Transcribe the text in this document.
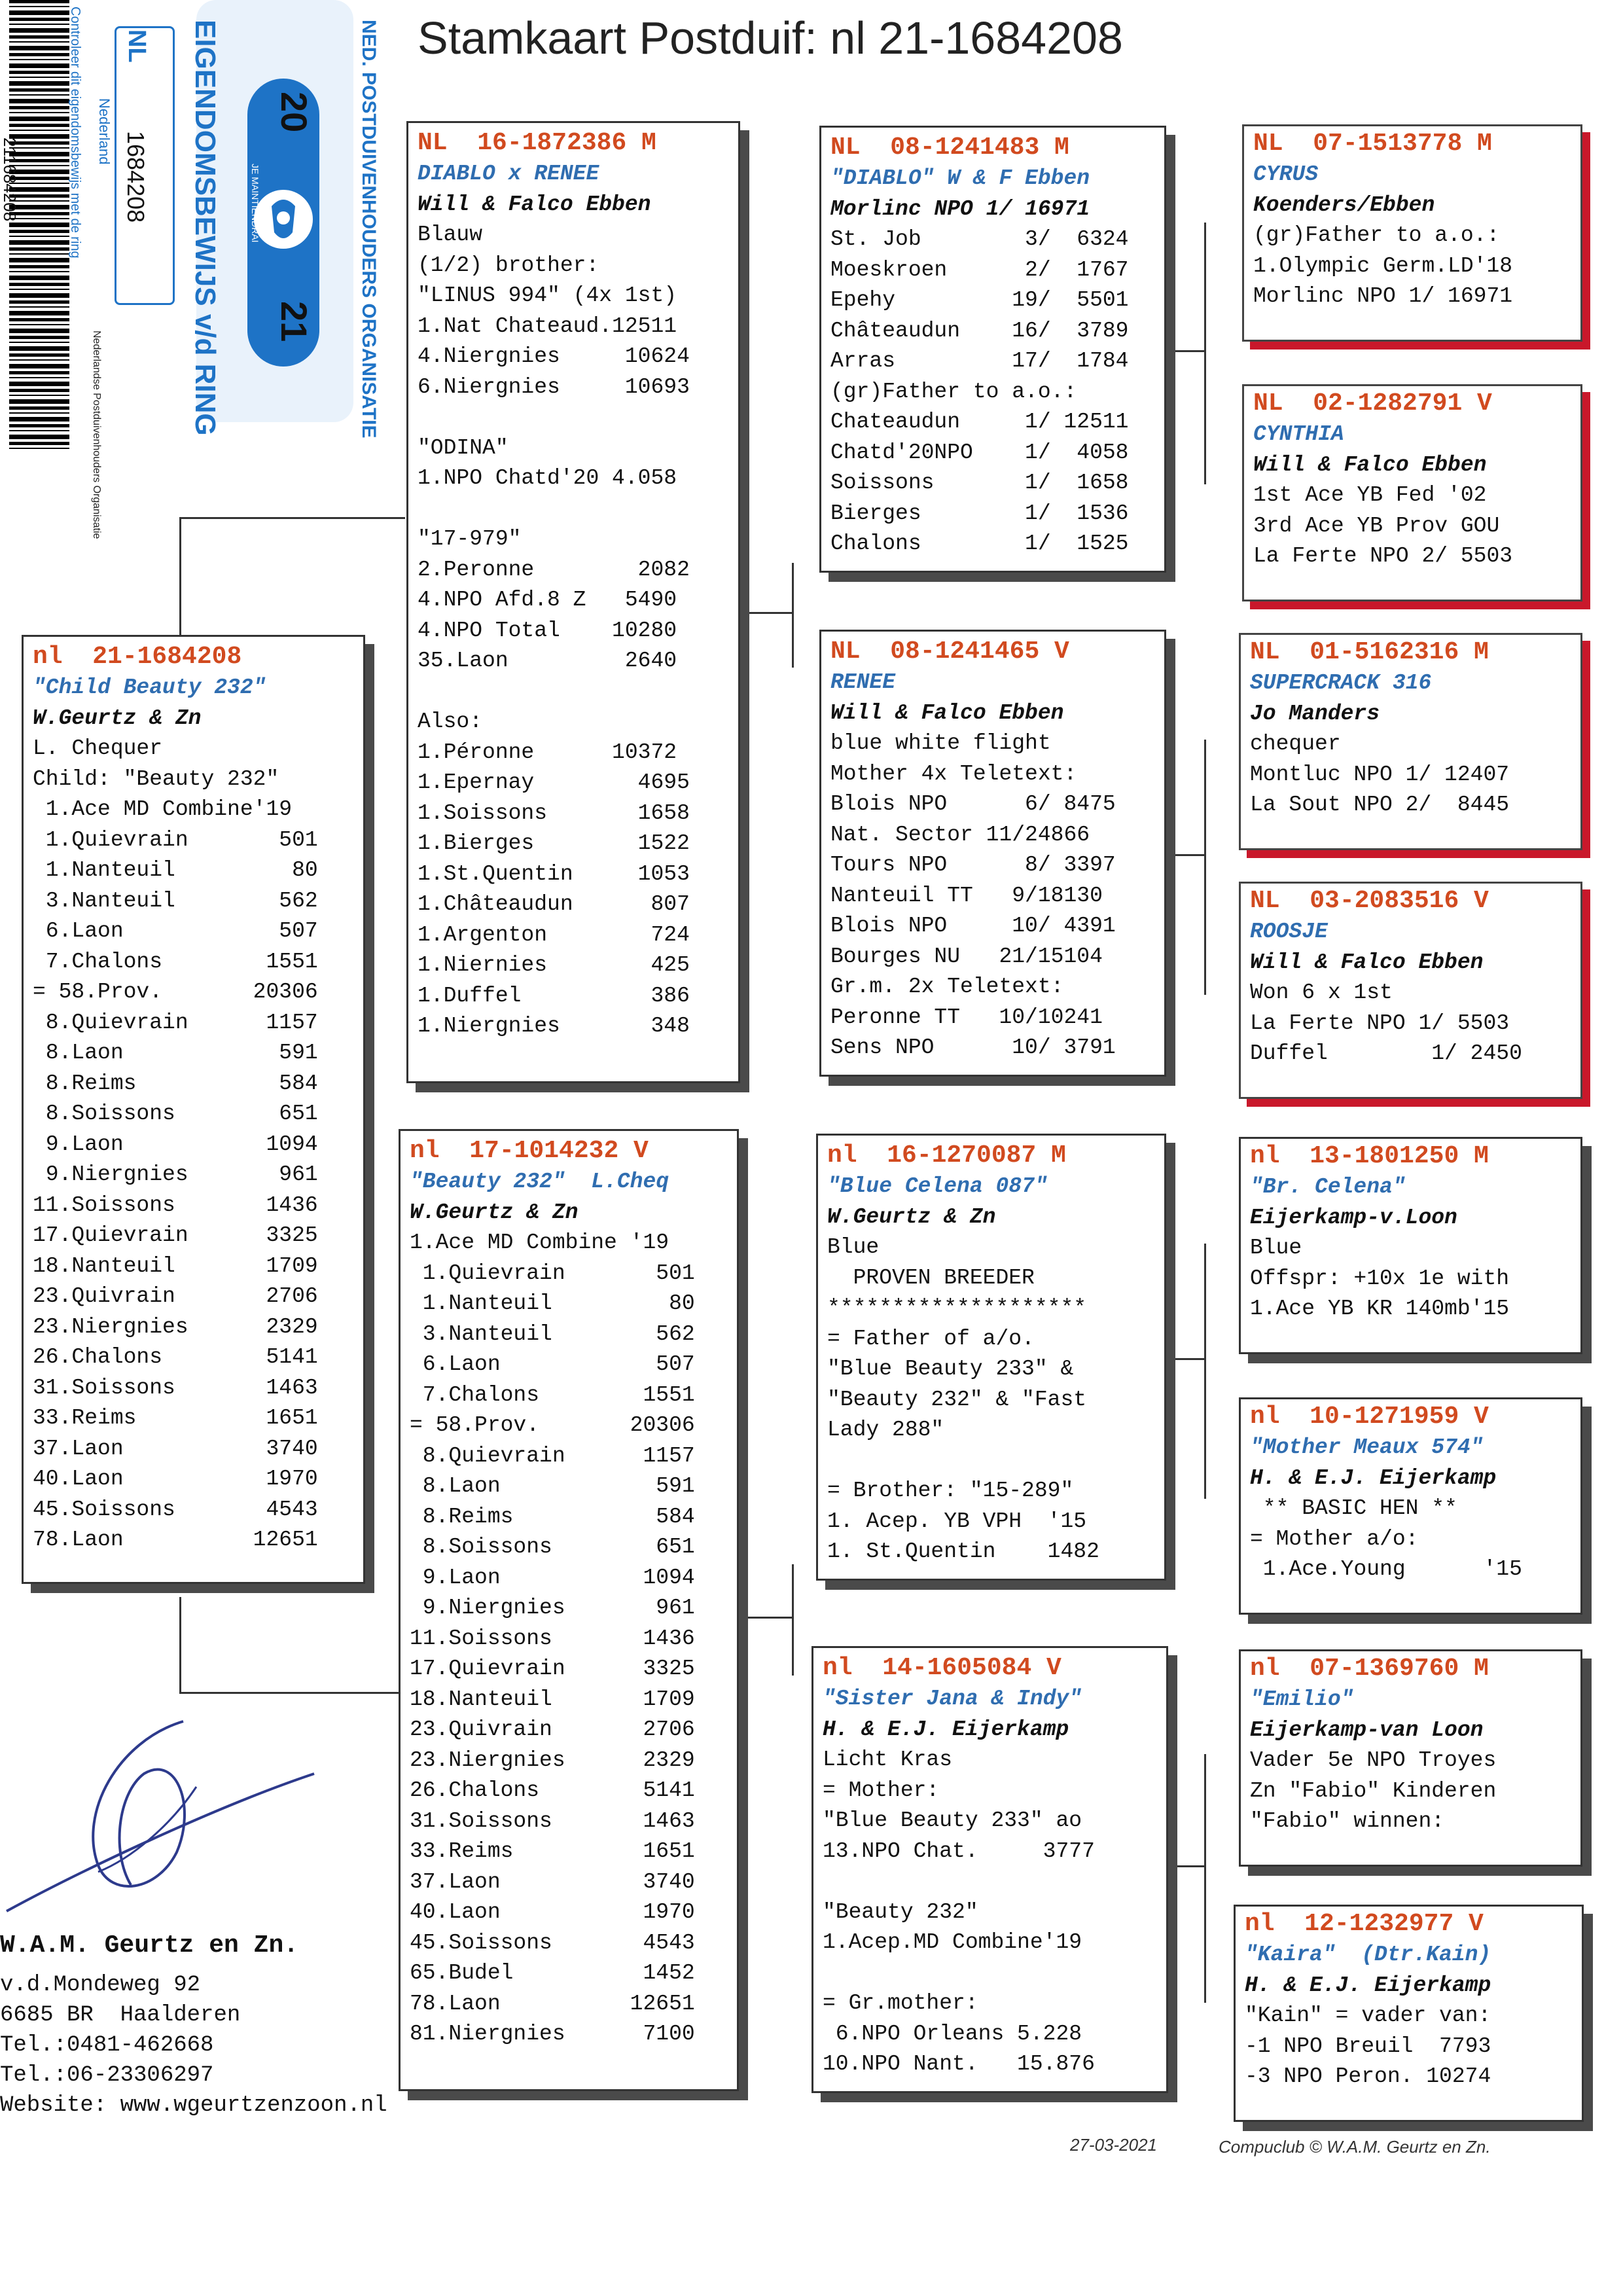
Stamkaart Postduif: nl 21-1684208
211684208
20
21 NED. POSTDUIVENHOUDERS ORGANISATIE
EIGENDOMSBEWIJS v/d RING
NL
1684208
Nederland
Controleer dit eigendomsbewijs met de ring	JE MAINTIENDRAI
Nederlandse Postduivenhouders Organisatie
nl  21-1684208
"Child Beauty 232"
W.Geurtz & Zn
L. Chequer
Child: "Beauty 232"
1.Ace MD Combine'19
1.Quievrain       501
1.Nanteuil         80
3.Nanteuil        562
6.Laon            507
7.Chalons        1551
= 58.Prov.       20306
8.Quievrain      1157
8.Laon            591
8.Reims           584
8.Soissons        651
9.Laon           1094
9.Niergnies       961
11.Soissons       1436
17.Quievrain      3325
18.Nanteuil       1709
23.Quivrain       2706
23.Niergnies      2329
26.Chalons        5141
31.Soissons       1463
33.Reims          1651
37.Laon           3740
40.Laon           1970
45.Soissons       4543
78.Laon          12651
NL  16-1872386 M
DIABLO x RENEE
Will & Falco Ebben
Blauw
(1/2) brother:
"LINUS 994" (4x 1st)
1.Nat Chateaud.12511
4.Niergnies     10624
6.Niergnies     10693

"ODINA"
1.NPO Chatd'20 4.058

"17-979"
2.Peronne        2082
4.NPO Afd.8 Z   5490
4.NPO Total    10280
35.Laon         2640

Also:
1.Péronne      10372
1.Epernay        4695
1.Soissons       1658
1.Bierges        1522
1.St.Quentin     1053
1.Châteaudun      807
1.Argenton        724
1.Niernies        425
1.Duffel          386
1.Niergnies       348
nl  17-1014232 V
"Beauty 232"  L.Cheq
W.Geurtz & Zn
1.Ace MD Combine '19
1.Quievrain       501
1.Nanteuil         80
3.Nanteuil        562
6.Laon            507
7.Chalons        1551
= 58.Prov.       20306
8.Quievrain      1157
8.Laon            591
8.Reims           584
8.Soissons        651
9.Laon           1094
9.Niergnies       961
11.Soissons       1436
17.Quievrain      3325
18.Nanteuil       1709
23.Quivrain       2706
23.Niergnies      2329
26.Chalons        5141
31.Soissons       1463
33.Reims          1651
37.Laon           3740
40.Laon           1970
45.Soissons       4543
65.Budel          1452
78.Laon          12651
81.Niergnies      7100
NL  08-1241483 M
"DIABLO" W & F Ebben
Morlinc NPO 1/ 16971
St. Job        3/  6324
Moeskroen      2/  1767
Epehy         19/  5501
Châteaudun    16/  3789
Arras         17/  1784
(gr)Father to a.o.:
Chateaudun     1/ 12511
Chatd'20NPO    1/  4058
Soissons       1/  1658
Bierges        1/  1536
Chalons        1/  1525
NL  08-1241465 V
RENEE
Will & Falco Ebben
blue white flight
Mother 4x Teletext:
Blois NPO      6/ 8475
Nat. Sector 11/24866
Tours NPO      8/ 3397
Nanteuil TT   9/18130
Blois NPO     10/ 4391
Bourges NU   21/15104
Gr.m. 2x Teletext:
Peronne TT   10/10241
Sens NPO      10/ 3791
nl  16-1270087 M
"Blue Celena 087"
W.Geurtz & Zn
Blue
PROVEN BREEDER
********************
= Father of a/o.
"Blue Beauty 233" &
"Beauty 232" & "Fast
Lady 288"

= Brother: "15-289"
1. Acep. YB VPH  '15
1. St.Quentin    1482
nl  14-1605084 V
"Sister Jana & Indy"
H. & E.J. Eijerkamp
Licht Kras
= Mother:
"Blue Beauty 233" ao
13.NPO Chat.     3777

"Beauty 232"
1.Acep.MD Combine'19

= Gr.mother:
6.NPO Orleans 5.228
10.NPO Nant.   15.876
NL  07-1513778 M
CYRUS
Koenders/Ebben
(gr)Father to a.o.:
1.Olympic Germ.LD'18
Morlinc NPO 1/ 16971
NL  02-1282791 V
CYNTHIA
Will & Falco Ebben
1st Ace YB Fed '02
3rd Ace YB Prov GOU
La Ferte NPO 2/ 5503
NL  01-5162316 M
SUPERCRACK 316
Jo Manders
chequer
Montluc NPO 1/ 12407
La Sout NPO 2/  8445
NL  03-2083516 V
ROOSJE
Will & Falco Ebben
Won 6 x 1st
La Ferte NPO 1/ 5503
Duffel        1/ 2450
nl  13-1801250 M
"Br. Celena"
Eijerkamp-v.Loon
Blue
Offspr: +10x 1e with
1.Ace YB KR 140mb'15
nl  10-1271959 V
"Mother Meaux 574"
H. & E.J. Eijerkamp
** BASIC HEN **
= Mother a/o:
1.Ace.Young      '15
nl  07-1369760 M
"Emilio"
Eijerkamp-van Loon
Vader 5e NPO Troyes
Zn "Fabio" Kinderen
"Fabio" winnen:
nl  12-1232977 V
"Kaira"  (Dtr.Kain)
H. & E.J. Eijerkamp
"Kain" = vader van:
-1 NPO Breuil  7793
-3 NPO Peron. 10274
W.A.M. Geurtz en Zn.
v.d.Mondeweg 92
6685 BR  Haalderen
Tel.:0481-462668
Tel.:06-23306297
Website: www.wgeurtzenzoon.nl
27-03-2021	Compuclub © W.A.M. Geurtz en Zn.
